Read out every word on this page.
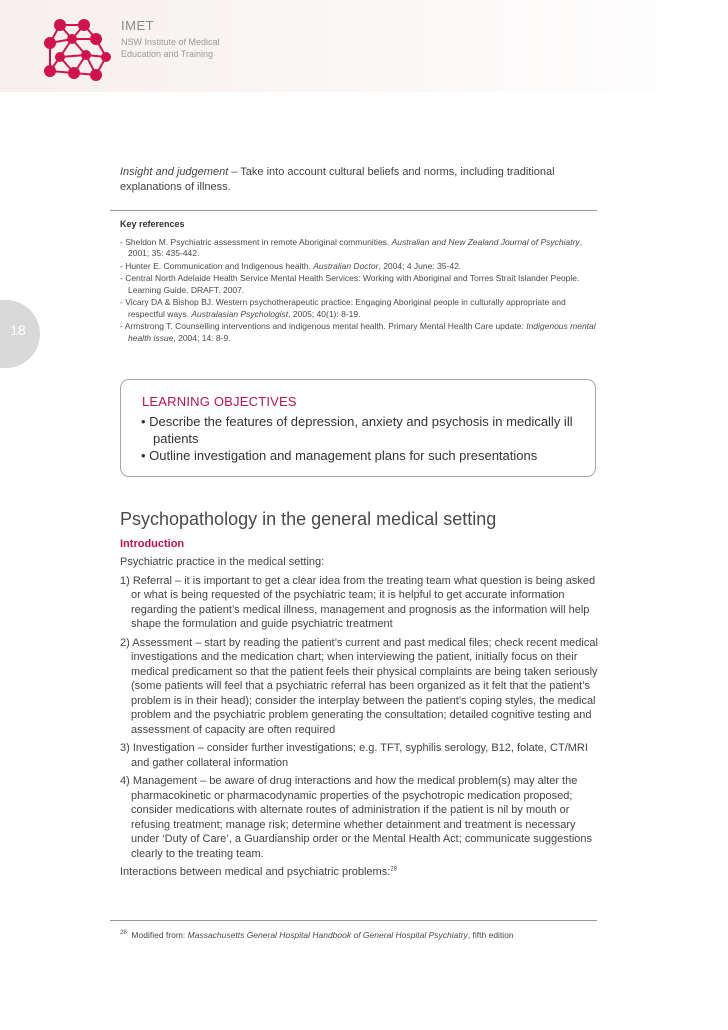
IMET
NSW Institute of Medical
Education and Training
18
Insight and judgement – Take into account cultural beliefs and norms, including traditional explanations of illness.
Key references
- Sheldon M. Psychiatric assessment in remote Aboriginal communities. Australian and New Zealand Journal of Psychiatry, 2001; 35: 435-442.
- Hunter E. Communication and Indigenous health. Australian Doctor, 2004; 4 June: 35-42.
- Central North Adelaide Health Service Mental Health Services: Working with Aboriginal and Torres Strait Islander People. Learning Guide. DRAFT. 2007.
- Vicary DA & Bishop BJ. Western psychotherapeutic practice: Engaging Aboriginal people in culturally appropriate and respectful ways. Australasian Psychologist, 2005; 40(1): 8-19.
- Armstrong T. Counselling interventions and indigenous mental health. Primary Mental Health Care update: Indigenous mental health issue, 2004; 14: 8-9.
LEARNING OBJECTIVES
• Describe the features of depression, anxiety and psychosis in medically ill patients
• Outline investigation and management plans for such presentations
Psychopathology in the general medical setting
Introduction
Psychiatric practice in the medical setting:
1) Referral – it is important to get a clear idea from the treating team what question is being asked or what is being requested of the psychiatric team; it is helpful to get accurate information regarding the patient’s medical illness, management and prognosis as the information will help shape the formulation and guide psychiatric treatment
2) Assessment – start by reading the patient’s current and past medical files; check recent medical investigations and the medication chart; when interviewing the patient, initially focus on their medical predicament so that the patient feels their physical complaints are being taken seriously (some patients will feel that a psychiatric referral has been organized as it felt that the patient’s problem is in their head); consider the interplay between the patient’s coping styles, the medical problem and the psychiatric problem generating the consultation; detailed cognitive testing and assessment of capacity are often required
3) Investigation – consider further investigations; e.g. TFT, syphilis serology, B12, folate, CT/MRI and gather collateral information
4) Management – be aware of drug interactions and how the medical problem(s) may alter the pharmacokinetic or pharmacodynamic properties of the psychotropic medication proposed; consider medications with alternate routes of administration if the patient is nil by mouth or refusing treatment; manage risk; determine whether detainment and treatment is necessary under ‘Duty of Care’, a Guardianship order or the Mental Health Act; communicate suggestions clearly to the treating team.
Interactions between medical and psychiatric problems:$^{28}$
$^{28}$ Modified from: Massachusetts General Hospital Handbook of General Hospital Psychiatry, fifth edition
